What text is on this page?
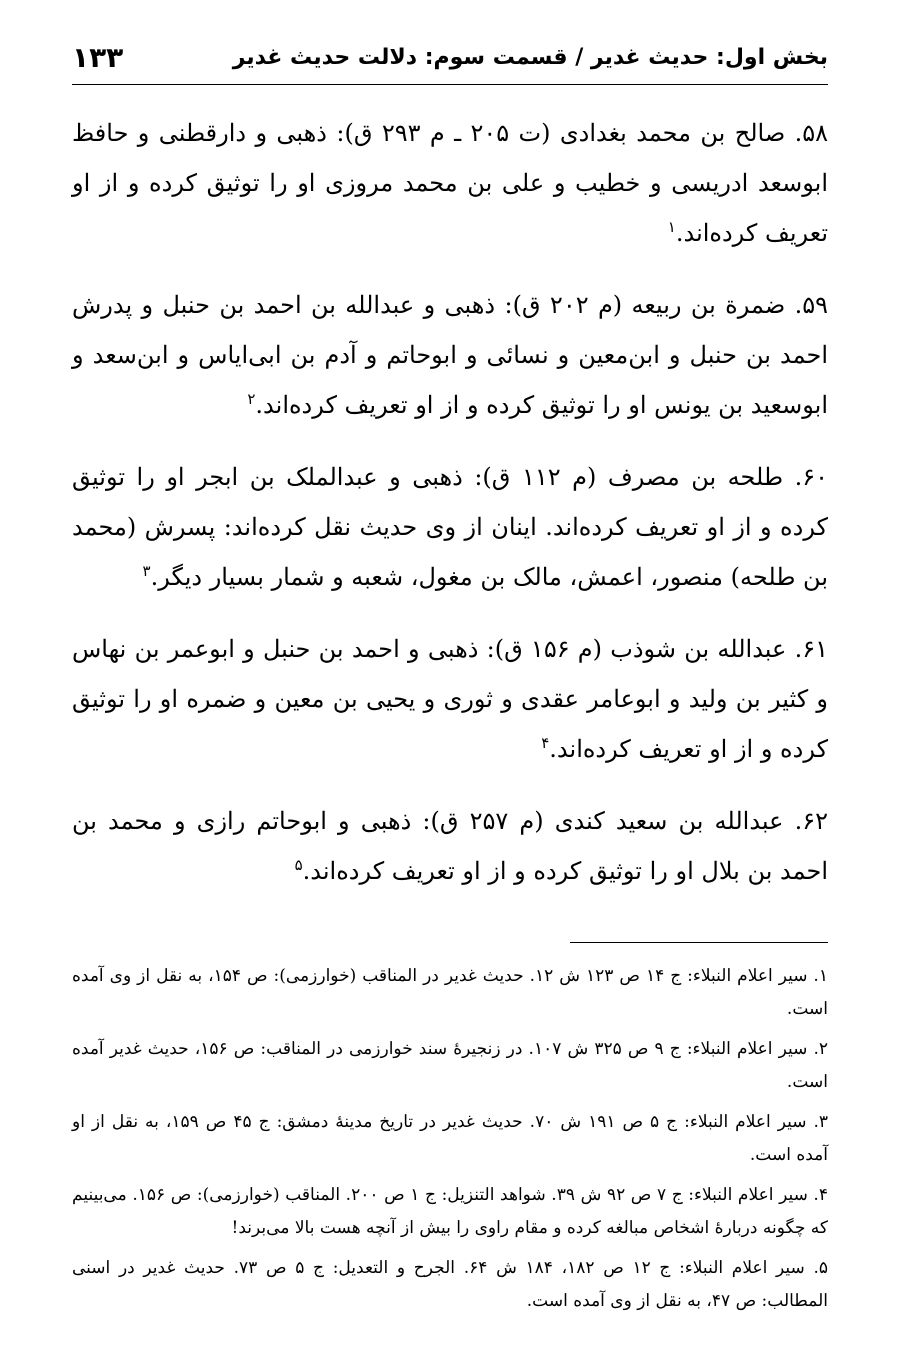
بخش اول: حدیث غدیر / قسمت سوم: دلالت حدیث غدیر
۱۳۳

۵۸. صالح بن محمد بغدادی (ت ۲۰۵ ـ م ۲۹۳ ق): ذهبی و دارقطنی و حافظ ابوسعد ادریسی و خطیب و علی بن محمد مروزی او را توثیق کرده و از او تعریف کرده‌اند.$^۱$

۵۹. ضمرة بن ربیعه (م ۲۰۲ ق): ذهبی و عبدالله بن احمد بن حنبل و پدرش احمد بن حنبل و ابن‌معین و نسائی و ابوحاتم و آدم بن ابی‌ایاس و ابن‌سعد و ابوسعید بن یونس او را توثیق کرده و از او تعریف کرده‌اند.$^۲$

۶۰. طلحه بن مصرف (م ۱۱۲ ق): ذهبی و عبدالملک بن ابجر او را توثیق کرده و از او تعریف کرده‌اند. اینان از وی حدیث نقل کرده‌اند: پسرش (محمد بن طلحه) منصور، اعمش، مالک بن مغول، شعبه و شمار بسیار دیگر.$^۳$

۶۱. عبدالله بن شوذب (م ۱۵۶ ق): ذهبی و احمد بن حنبل و ابوعمر بن نهاس و کثیر بن ولید و ابوعامر عقدی و ثوری و یحیی بن معین و ضمره او را توثیق کرده و از او تعریف کرده‌اند.$^۴$

۶۲. عبدالله بن سعید کندی (م ۲۵۷ ق): ذهبی و ابوحاتم رازی و محمد بن احمد بن بلال او را توثیق کرده و از او تعریف کرده‌اند.$^۵$

۱. سیر اعلام النبلاء: ج ۱۴ ص ۱۲۳ ش ۱۲. حدیث غدیر در المناقب (خوارزمی): ص ۱۵۴، به نقل از وی آمده است.

۲. سیر اعلام النبلاء: ج ۹ ص ۳۲۵ ش ۱۰۷. در زنجیرهٔ سند خوارزمی در المناقب: ص ۱۵۶، حدیث غدیر آمده است.

۳. سیر اعلام النبلاء: ج ۵ ص ۱۹۱ ش ۷۰. حدیث غدیر در تاریخ مدینهٔ دمشق: ج ۴۵ ص ۱۵۹، به نقل از او آمده است.

۴. سیر اعلام النبلاء: ج ۷ ص ۹۲ ش ۳۹. شواهد التنزیل: ج ۱ ص ۲۰۰. المناقب (خوارزمی): ص ۱۵۶. می‌بینیم که چگونه دربارهٔ اشخاص مبالغه کرده و مقام راوی را بیش از آنچه هست بالا می‌برند!

۵. سیر اعلام النبلاء: ج ۱۲ ص ۱۸۲، ۱۸۴ ش ۶۴. الجرح و التعدیل: ج ۵ ص ۷۳. حدیث غدیر در اسنی المطالب: ص ۴۷، به نقل از وی آمده است.
